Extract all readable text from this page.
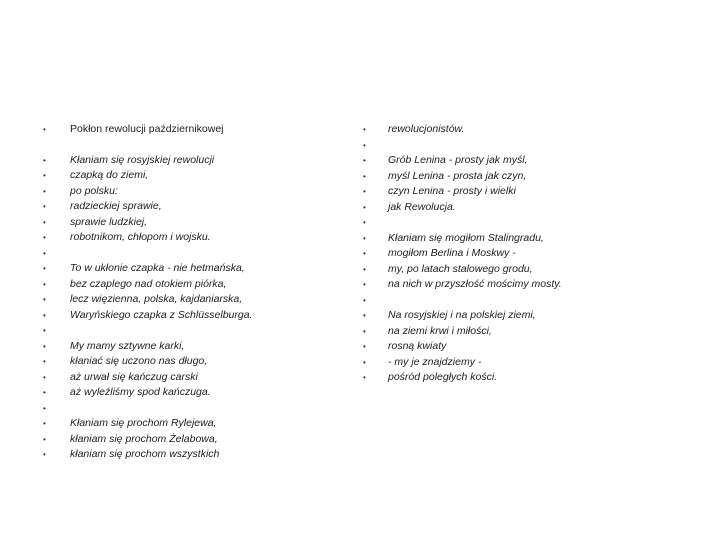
• Pokłon rewolucji październikowej
• Kłaniam się rosyjskiej rewolucji
• czapką do ziemi,
• po polsku:
• radzieckiej sprawie,
• sprawie ludzkiej,
• robotnikom, chłopom i wojsku.
•
• To w ukłonie czapka - nie hetmańska,
• bez czaplego nad otokiem piórka,
• lecz więzienna, polska, kajdaniarska,
• Waryńskiego czapka z Schlüsselburga.
•
• My mamy sztywne karki,
• kłaniać się uczono nas długo,
• aż urwał się kańczug carski
• aż wyleźliśmy spod kańczuga.
•
• Kłaniam się prochom Rylejewa,
• kłaniam się prochom Żelabowa,
• kłaniam się prochom wszystkich
• rewolucjonistów.
•
• Grób Lenina - prosty jak myśl,
• myśl Lenina - prosta jak czyn,
• czyn Lenina - prosty i wielki
• jak Rewolucja.
•
• Kłaniam się mogiłom Stalingradu,
• mogiłom Berlina i Moskwy -
• my, po latach stalowego grodu,
• na nich w przyszłość mościmy mosty.
•
• Na rosyjskiej i na polskiej ziemi,
• na ziemi krwi i miłości,
• rosną kwiaty
• - my je znajdziemy -
• pośród poległych kości.
